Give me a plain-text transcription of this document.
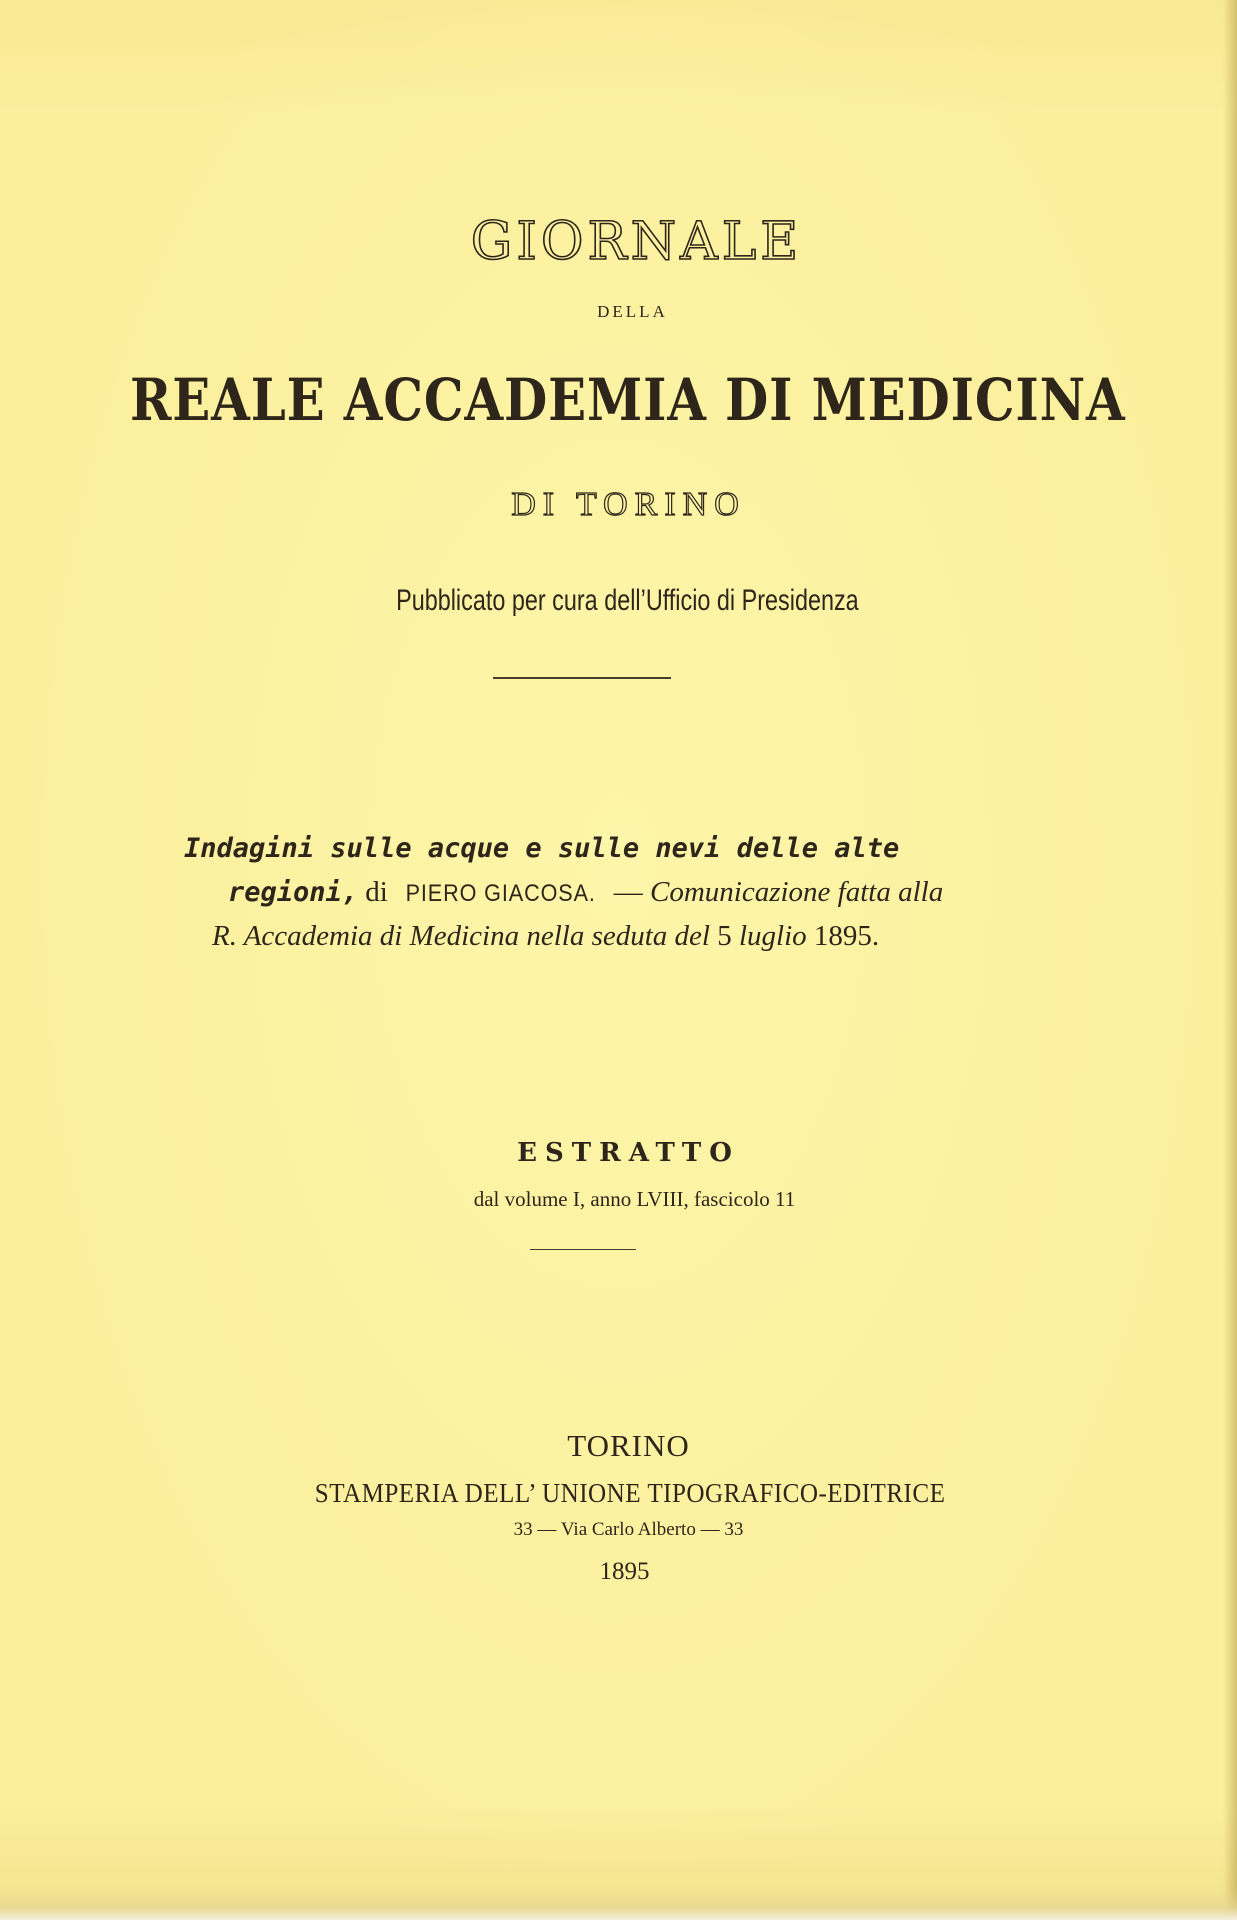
GIORNALE
DELLA
REALE ACCADEMIA DI MEDICINA
DI TORINO
Pubblicato per cura dell’Ufficio di Presidenza
Indagini sulle acque e sulle nevi delle alte
regioni, di PIERO GIACOSA. — Comunicazione fatta alla
R. Accademia di Medicina nella seduta del 5 luglio 1895.
ESTRATTO
dal volume I, anno LVIII, fascicolo 11
TORINO
STAMPERIA DELL’ UNIONE TIPOGRAFICO-EDITRICE
33 — Via Carlo Alberto — 33
1895
